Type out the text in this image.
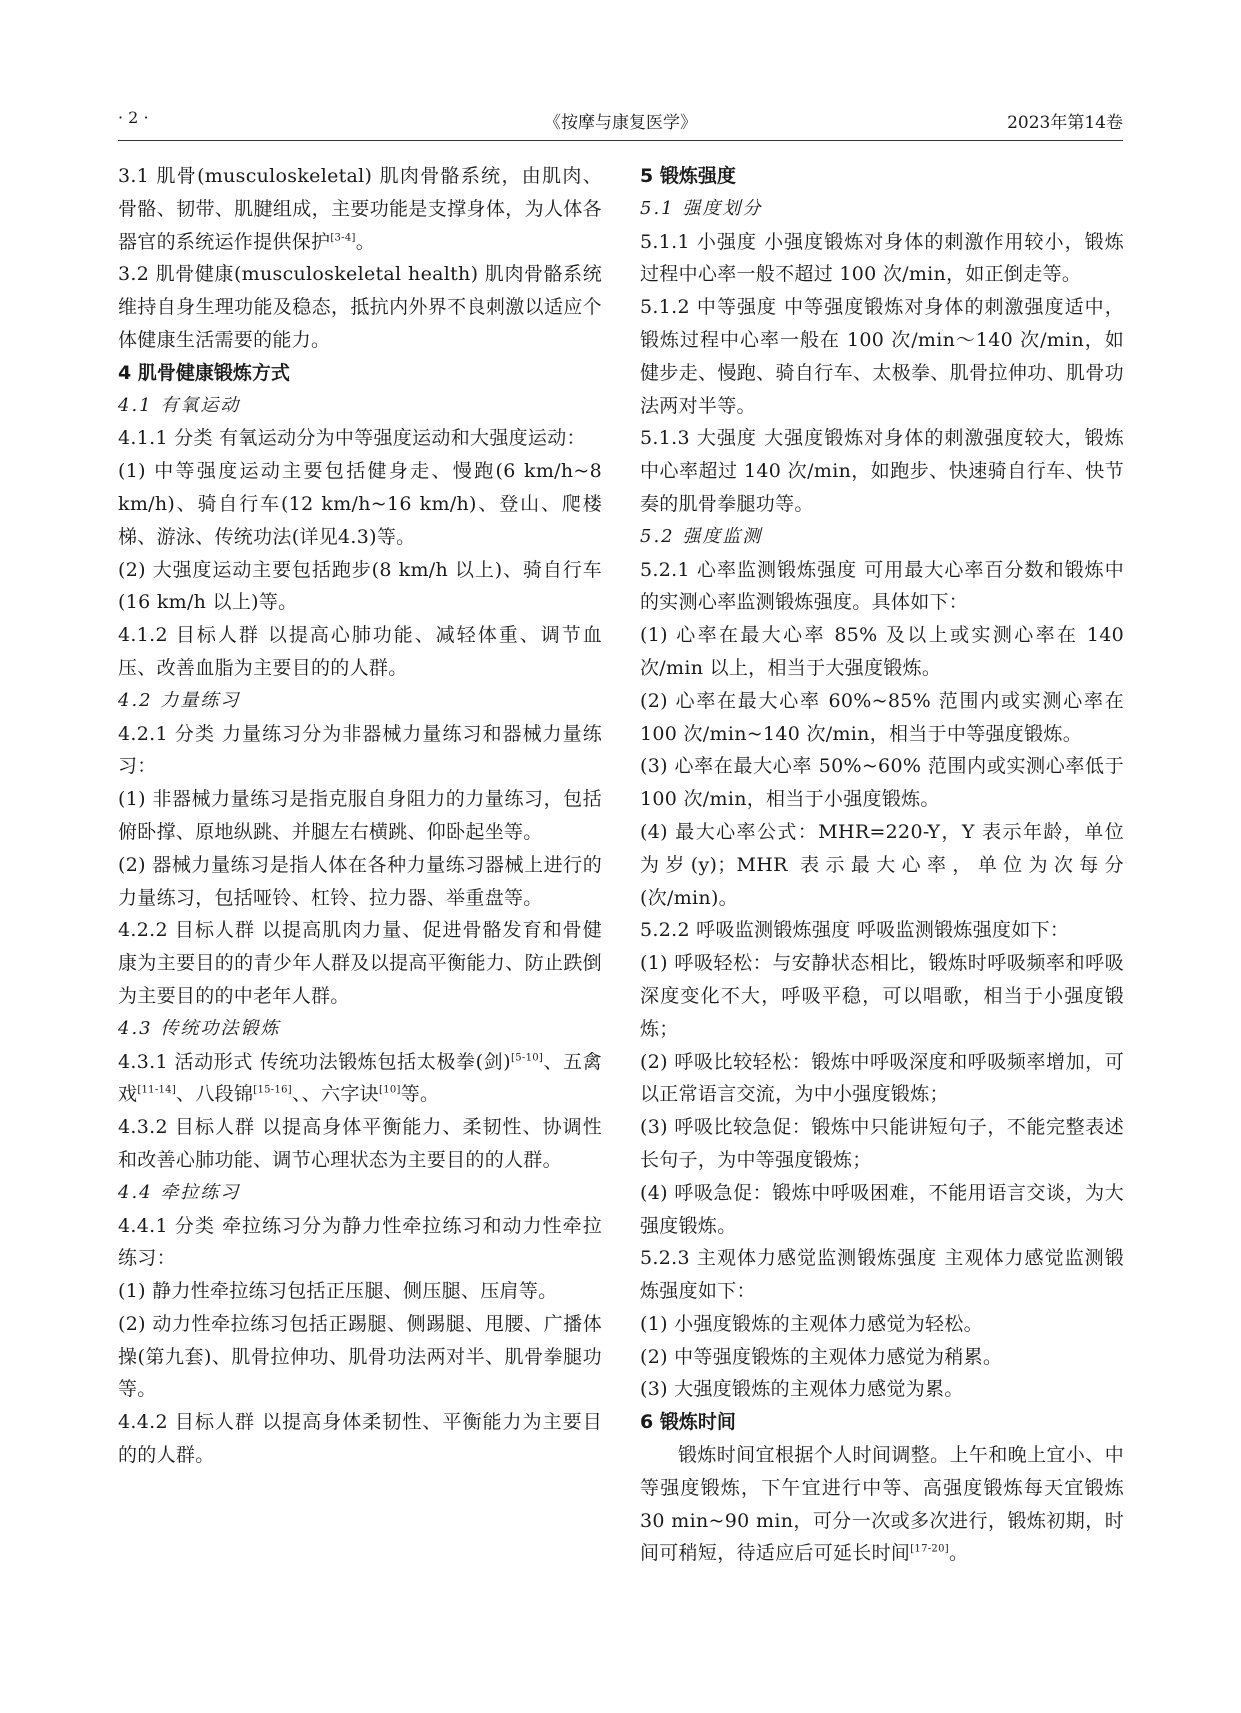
· 2 ·	《按摩与康复医学》	2023年第14卷
3.1 肌骨(musculoskeletal) 肌肉骨骼系统，由肌肉、骨骼、韧带、肌腱组成，主要功能是支撑身体，为人体各器官的系统运作提供保护[3-4]。
3.2 肌骨健康(musculoskeletal health) 肌肉骨骼系统维持自身生理功能及稳态，抵抗内外界不良刺激以适应个体健康生活需要的能力。
4 肌骨健康锻炼方式
4.1 有氧运动
4.1.1 分类 有氧运动分为中等强度运动和大强度运动：
(1) 中等强度运动主要包括健身走、慢跑(6 km/h~8 km/h)、骑自行车(12 km/h~16 km/h)、登山、爬楼梯、游泳、传统功法(详见4.3)等。
(2) 大强度运动主要包括跑步(8 km/h 以上)、骑自行车(16 km/h 以上)等。
4.1.2 目标人群 以提高心肺功能、减轻体重、调节血压、改善血脂为主要目的的人群。
4.2 力量练习
4.2.1 分类 力量练习分为非器械力量练习和器械力量练习：
(1) 非器械力量练习是指克服自身阻力的力量练习，包括俯卧撑、原地纵跳、并腿左右横跳、仰卧起坐等。
(2) 器械力量练习是指人体在各种力量练习器械上进行的力量练习，包括哑铃、杠铃、拉力器、举重盘等。
4.2.2 目标人群 以提高肌肉力量、促进骨骼发育和骨健康为主要目的的青少年人群及以提高平衡能力、防止跌倒为主要目的的中老年人群。
4.3 传统功法锻炼
4.3.1 活动形式 传统功法锻炼包括太极拳(剑)[5-10]、五禽戏[11-14]、八段锦[15-16]、、六字诀[10]等。
4.3.2 目标人群 以提高身体平衡能力、柔韧性、协调性和改善心肺功能、调节心理状态为主要目的的人群。
4.4 牵拉练习
4.4.1 分类 牵拉练习分为静力性牵拉练习和动力性牵拉练习：
(1) 静力性牵拉练习包括正压腿、侧压腿、压肩等。
(2) 动力性牵拉练习包括正踢腿、侧踢腿、甩腰、广播体操(第九套)、肌骨拉伸功、肌骨功法两对半、肌骨拳腿功等。
4.4.2 目标人群 以提高身体柔韧性、平衡能力为主要目的的人群。
5 锻炼强度
5.1 强度划分
5.1.1 小强度 小强度锻炼对身体的刺激作用较小，锻炼过程中心率一般不超过 100 次/min，如正倒走等。
5.1.2 中等强度 中等强度锻炼对身体的刺激强度适中，锻炼过程中心率一般在 100 次/min～140 次/min，如健步走、慢跑、骑自行车、太极拳、肌骨拉伸功、肌骨功法两对半等。
5.1.3 大强度 大强度锻炼对身体的刺激强度较大，锻炼中心率超过 140 次/min，如跑步、快速骑自行车、快节奏的肌骨拳腿功等。
5.2 强度监测
5.2.1 心率监测锻炼强度 可用最大心率百分数和锻炼中的实测心率监测锻炼强度。具体如下：
(1) 心率在最大心率 85% 及以上或实测心率在 140 次/min 以上，相当于大强度锻炼。
(2) 心率在最大心率 60%~85% 范围内或实测心率在 100 次/min~140 次/min，相当于中等强度锻炼。
(3) 心率在最大心率 50%~60% 范围内或实测心率低于 100 次/min，相当于小强度锻炼。
(4) 最大心率公式：MHR=220-Y，Y 表示年龄，单位为岁(y)；MHR 表示最大心率，单位为次每分(次/min)。
5.2.2 呼吸监测锻炼强度 呼吸监测锻炼强度如下：
(1) 呼吸轻松：与安静状态相比，锻炼时呼吸频率和呼吸深度变化不大，呼吸平稳，可以唱歌，相当于小强度锻炼；
(2) 呼吸比较轻松：锻炼中呼吸深度和呼吸频率增加，可以正常语言交流，为中小强度锻炼；
(3) 呼吸比较急促：锻炼中只能讲短句子，不能完整表述长句子，为中等强度锻炼；
(4) 呼吸急促：锻炼中呼吸困难，不能用语言交谈，为大强度锻炼。
5.2.3 主观体力感觉监测锻炼强度 主观体力感觉监测锻炼强度如下：
(1) 小强度锻炼的主观体力感觉为轻松。
(2) 中等强度锻炼的主观体力感觉为稍累。
(3) 大强度锻炼的主观体力感觉为累。
6 锻炼时间
锻炼时间宜根据个人时间调整。上午和晚上宜小、中等强度锻炼，下午宜进行中等、高强度锻炼每天宜锻炼 30 min~90 min，可分一次或多次进行，锻炼初期，时间可稍短，待适应后可延长时间[17-20]。
